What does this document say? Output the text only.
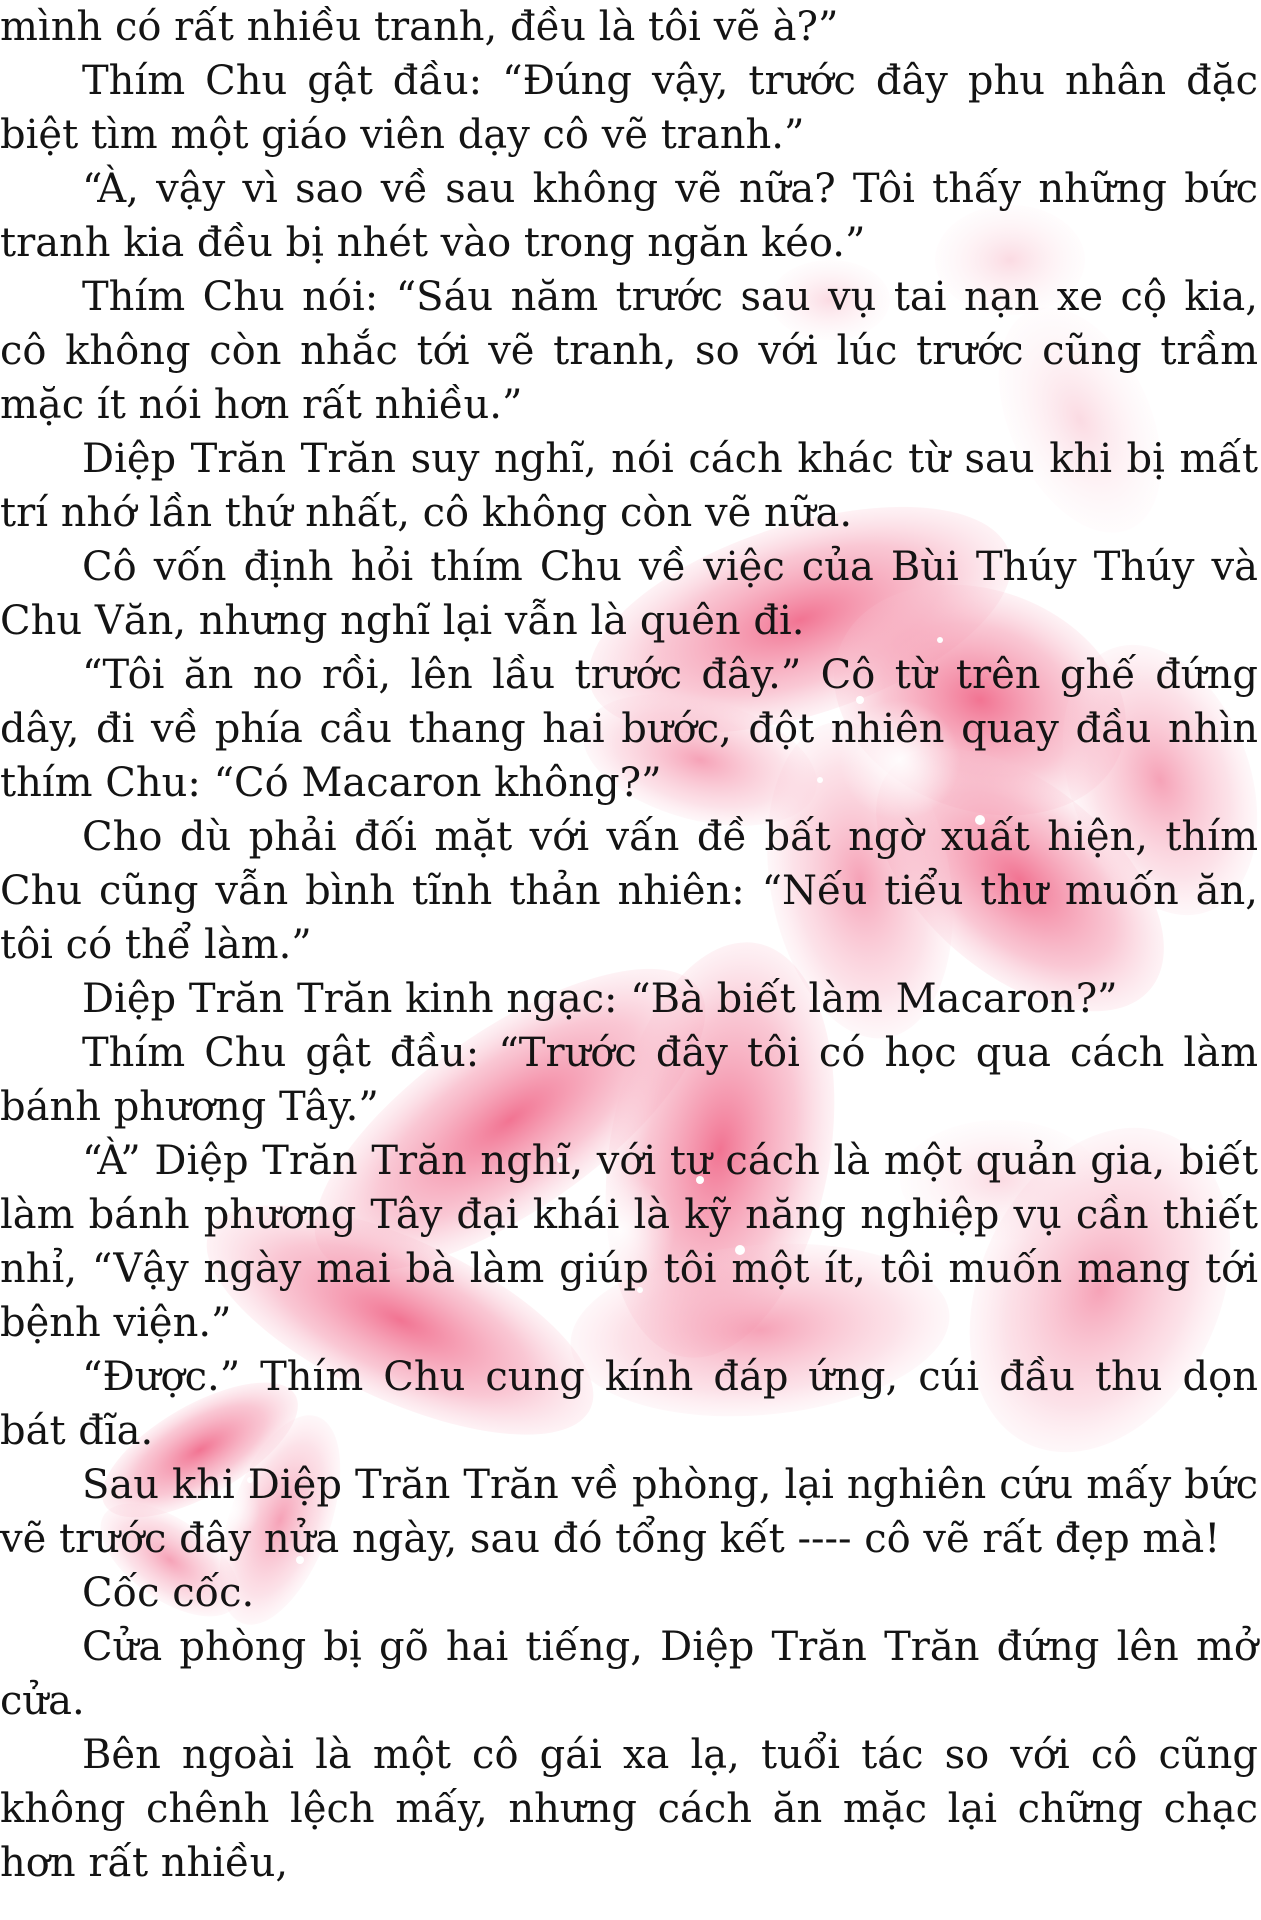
mình có rất nhiều tranh, đều là tôi vẽ à?”

Thím Chu gật đầu: “Đúng vậy, trước đây phu nhân đặc biệt tìm một giáo viên dạy cô vẽ tranh.”

“À, vậy vì sao về sau không vẽ nữa? Tôi thấy những bức tranh kia đều bị nhét vào trong ngăn kéo.”

Thím Chu nói: “Sáu năm trước sau vụ tai nạn xe cộ kia, cô không còn nhắc tới vẽ tranh, so với lúc trước cũng trầm mặc ít nói hơn rất nhiều.”

Diệp Trăn Trăn suy nghĩ, nói cách khác từ sau khi bị mất trí nhớ lần thứ nhất, cô không còn vẽ nữa.

Cô vốn định hỏi thím Chu về việc của Bùi Thúy Thúy và Chu Văn, nhưng nghĩ lại vẫn là quên đi.

“Tôi ăn no rồi, lên lầu trước đây.” Cô từ trên ghế đứng dây, đi về phía cầu thang hai bước, đột nhiên quay đầu nhìn thím Chu: “Có Macaron không?”

Cho dù phải đối mặt với vấn đề bất ngờ xuất hiện, thím Chu cũng vẫn bình tĩnh thản nhiên: “Nếu tiểu thư muốn ăn, tôi có thể làm.”

Diệp Trăn Trăn kinh ngạc: “Bà biết làm Macaron?”

Thím Chu gật đầu: “Trước đây tôi có học qua cách làm bánh phương Tây.”

“À” Diệp Trăn Trăn nghĩ, với tư cách là một quản gia, biết làm bánh phương Tây đại khái là kỹ năng nghiệp vụ cần thiết nhỉ, “Vậy ngày mai bà làm giúp tôi một ít, tôi muốn mang tới bệnh viện.”

“Được.” Thím Chu cung kính đáp ứng, cúi đầu thu dọn bát đĩa.

Sau khi Diệp Trăn Trăn về phòng, lại nghiên cứu mấy bức vẽ trước đây nửa ngày, sau đó tổng kết ---- cô vẽ rất đẹp mà!

Cốc cốc.

Cửa phòng bị gõ hai tiếng, Diệp Trăn Trăn đứng lên mở cửa.

Bên ngoài là một cô gái xa lạ, tuổi tác so với cô cũng không chênh lệch mấy, nhưng cách ăn mặc lại chững chạc hơn rất nhiều,
